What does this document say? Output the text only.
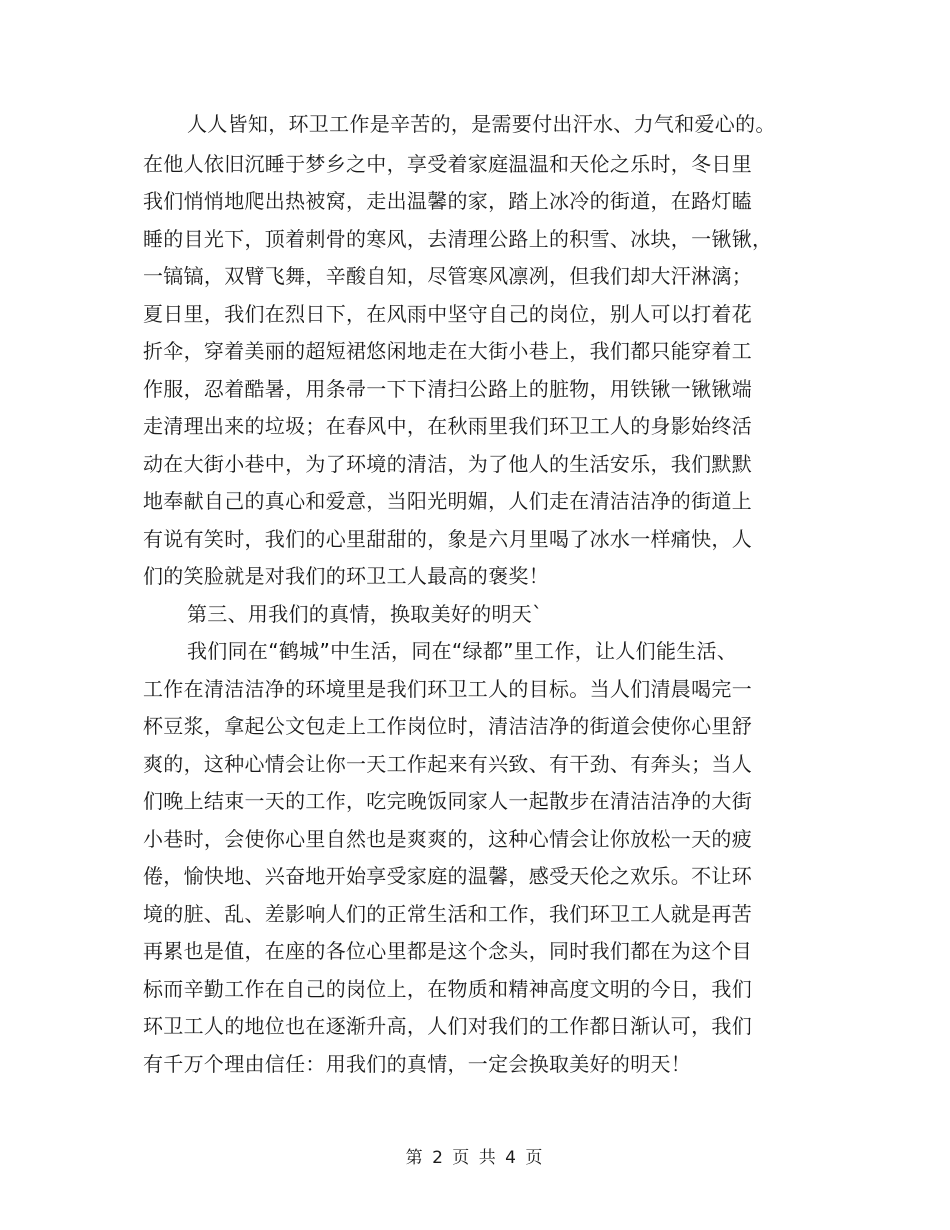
人人皆知，环卫工作是辛苦的，是需要付出汗水、力气和爱心的。
在他人依旧沉睡于梦乡之中，享受着家庭温温和天伦之乐时，冬日里
我们悄悄地爬出热被窝，走出温馨的家，踏上冰冷的街道，在路灯瞌
睡的目光下，顶着刺骨的寒风，去清理公路上的积雪、冰块，一锹锹，
一镐镐，双臂飞舞，辛酸自知，尽管寒风凛冽，但我们却大汗淋漓；
夏日里，我们在烈日下，在风雨中坚守自己的岗位，别人可以打着花
折伞，穿着美丽的超短裙悠闲地走在大街小巷上，我们都只能穿着工
作服，忍着酷暑，用条帚一下下清扫公路上的脏物，用铁锹一锹锹端
走清理出来的垃圾；在春风中，在秋雨里我们环卫工人的身影始终活
动在大街小巷中，为了环境的清洁，为了他人的生活安乐，我们默默
地奉献自己的真心和爱意，当阳光明媚，人们走在清洁洁净的街道上
有说有笑时，我们的心里甜甜的，象是六月里喝了冰水一样痛快，人
们的笑脸就是对我们的环卫工人最高的褒奖！
第三、用我们的真情，换取美好的明天`
我们同在“鹤城”中生活，同在“绿都”里工作，让人们能生活、
工作在清洁洁净的环境里是我们环卫工人的目标。当人们清晨喝完一
杯豆浆，拿起公文包走上工作岗位时，清洁洁净的街道会使你心里舒
爽的，这种心情会让你一天工作起来有兴致、有干劲、有奔头；当人
们晚上结束一天的工作，吃完晚饭同家人一起散步在清洁洁净的大街
小巷时，会使你心里自然也是爽爽的，这种心情会让你放松一天的疲
倦，愉快地、兴奋地开始享受家庭的温馨，感受天伦之欢乐。不让环
境的脏、乱、差影响人们的正常生活和工作，我们环卫工人就是再苦
再累也是值，在座的各位心里都是这个念头，同时我们都在为这个目
标而辛勤工作在自己的岗位上，在物质和精神高度文明的今日，我们
环卫工人的地位也在逐渐升高，人们对我们的工作都日渐认可，我们
有千万个理由信任：用我们的真情，一定会换取美好的明天！
第 2 页 共 4 页
